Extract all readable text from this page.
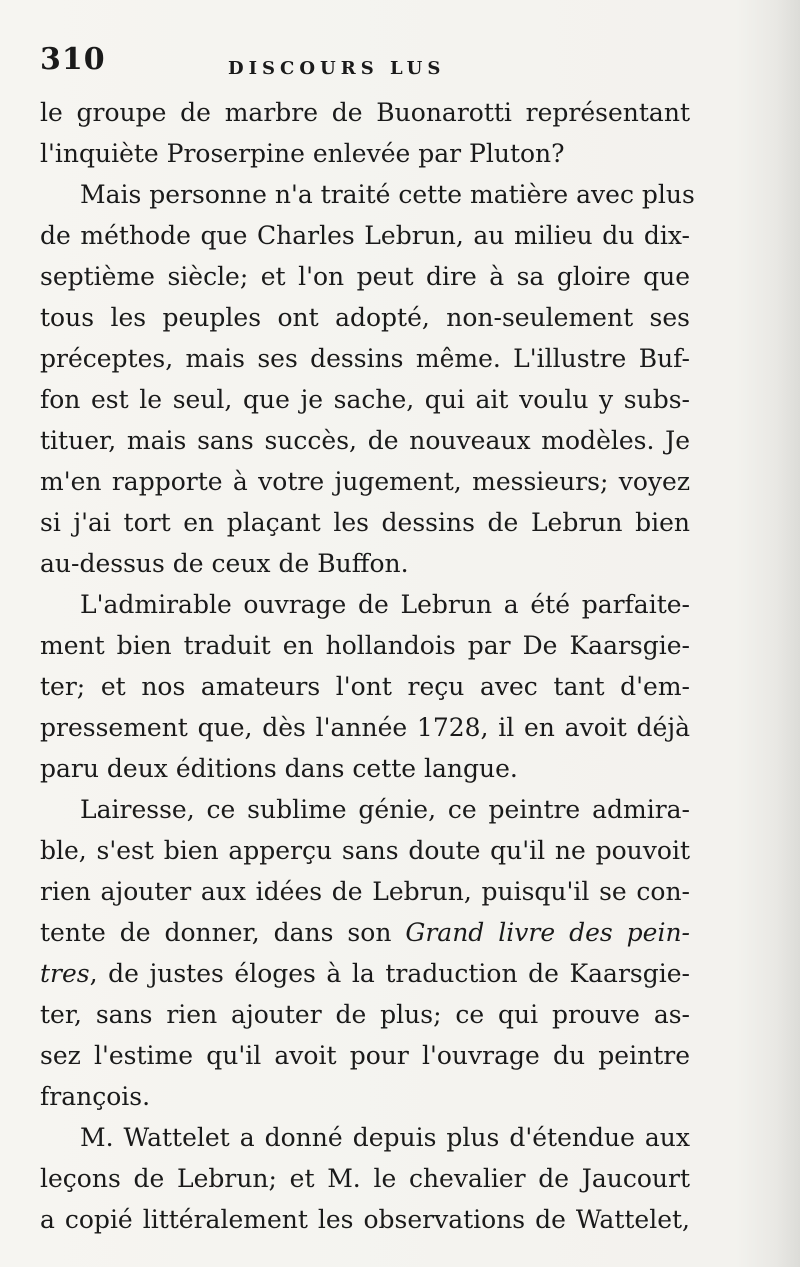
310	DISCOURS LUS
le groupe de marbre de Buonarotti représentant
l'inquiète Proserpine enlevée par Pluton?
Mais personne n'a traité cette matière avec plus
de méthode que Charles Lebrun, au milieu du dix-
septième siècle; et l'on peut dire à sa gloire que
tous les peuples ont adopté, non-seulement ses
préceptes, mais ses dessins même. L'illustre Buf-
fon est le seul, que je sache, qui ait voulu y subs-
tituer, mais sans succès, de nouveaux modèles. Je
m'en rapporte à votre jugement, messieurs; voyez
si j'ai tort en plaçant les dessins de Lebrun bien
au-dessus de ceux de Buffon.
L'admirable ouvrage de Lebrun a été parfaite-
ment bien traduit en hollandois par De Kaarsgie-
ter; et nos amateurs l'ont reçu avec tant d'em-
pressement que, dès l'année 1728, il en avoit déjà
paru deux éditions dans cette langue.
Lairesse, ce sublime génie, ce peintre admira-
ble, s'est bien apperçu sans doute qu'il ne pouvoit
rien ajouter aux idées de Lebrun, puisqu'il se con-
tente de donner, dans son Grand livre des pein-
tres, de justes éloges à la traduction de Kaarsgie-
ter, sans rien ajouter de plus; ce qui prouve as-
sez l'estime qu'il avoit pour l'ouvrage du peintre
françois.
M. Wattelet a donné depuis plus d'étendue aux
leçons de Lebrun; et M. le chevalier de Jaucourt
a copié littéralement les observations de Wattelet,
